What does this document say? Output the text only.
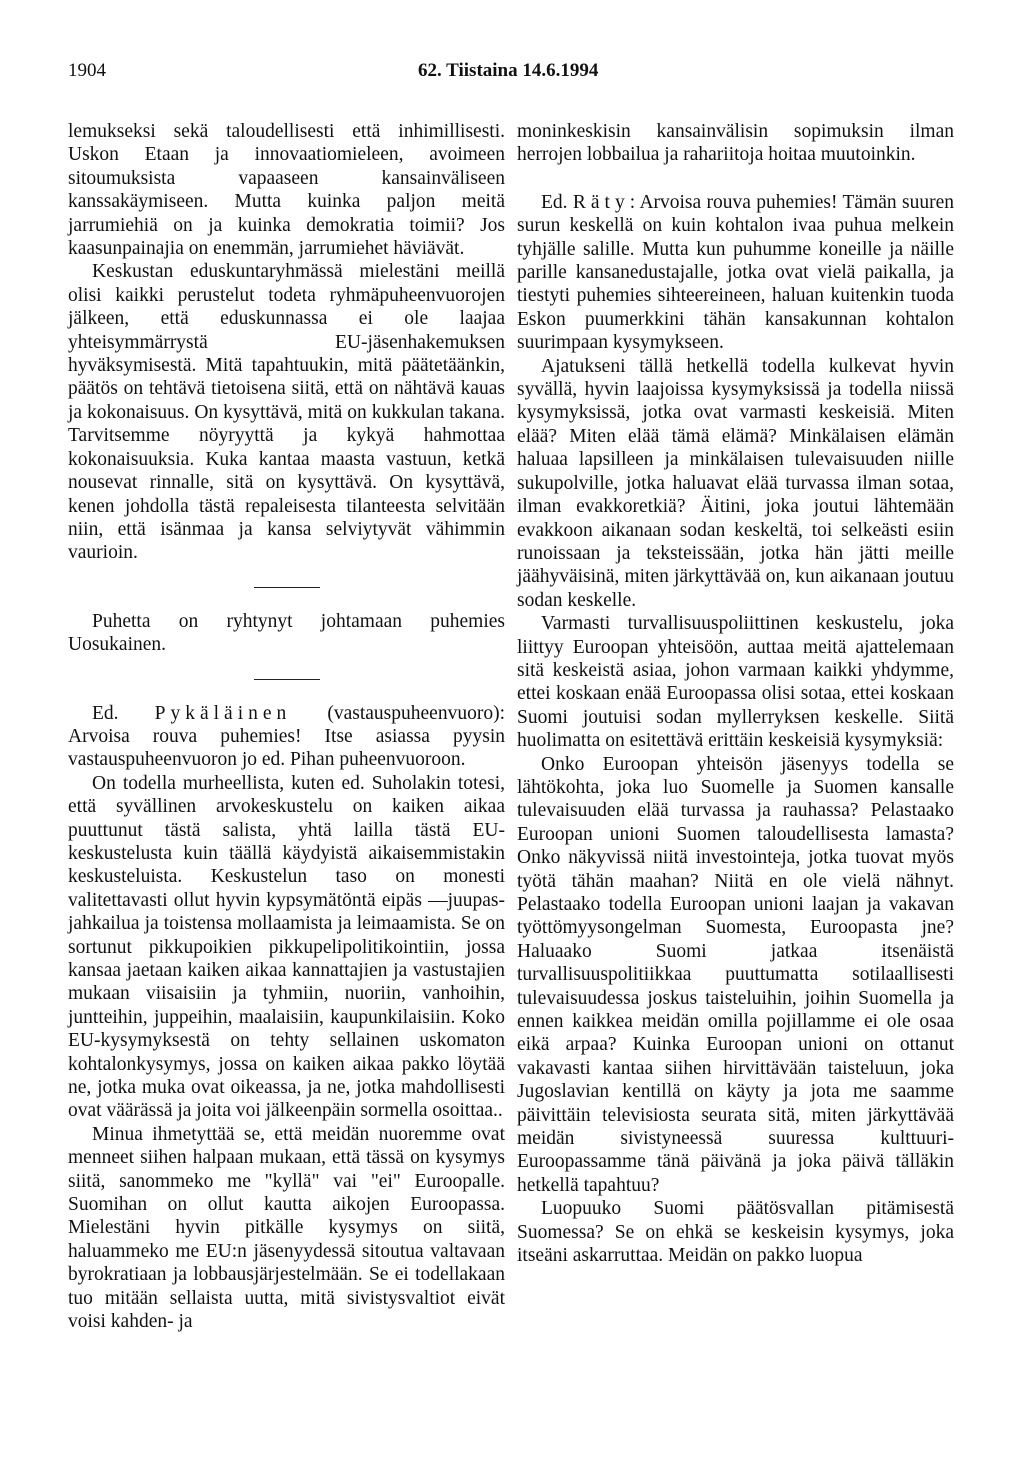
1904	62. Tiistaina 14.6.1994

lemukseksi sekä taloudellisesti että inhimillisesti. Uskon Etaan ja innovaatiomieleen, avoimeen sitoumuksista vapaaseen kansainväliseen kanssakäymiseen. Mutta kuinka paljon meitä jarrumiehiä on ja kuinka demokratia toimii? Jos kaasunpainajia on enemmän, jarrumiehet häviävät.

Keskustan eduskuntaryhmässä mielestäni meillä olisi kaikki perustelut todeta ryhmäpuheenvuorojen jälkeen, että eduskunnassa ei ole laajaa yhteisymmärrystä EU-jäsenhakemuksen hyväksymisestä. Mitä tapahtuukin, mitä päätetäänkin, päätös on tehtävä tietoisena siitä, että on nähtävä kauas ja kokonaisuus. On kysyttävä, mitä on kukkulan takana. Tarvitsemme nöyryyttä ja kykyä hahmottaa kokonaisuuksia. Kuka kantaa maasta vastuun, ketkä nousevat rinnalle, sitä on kysyttävä. On kysyttävä, kenen johdolla tästä repaleisesta tilanteesta selvitään niin, että isänmaa ja kansa selviytyvät vähimmin vaurioin.

Puhetta on ryhtynyt johtamaan puhemies Uosukainen.

Ed. Pykäläinen (vastauspuheenvuoro): Arvoisa rouva puhemies! Itse asiassa pyysin vastauspuheenvuoron jo ed. Pihan puheenvuoroon.

On todella murheellista, kuten ed. Suholakin totesi, että syvällinen arvokeskustelu on kaiken aikaa puuttunut tästä salista, yhtä lailla tästä EU-keskustelusta kuin täällä käydyistä aikaisemmistakin keskusteluista. Keskustelun taso on monesti valitettavasti ollut hyvin kypsymätöntä eipäs —juupas-jahkailua ja toistensa mollaamista ja leimaamista. Se on sortunut pikkupoikien pikkupelipolitikointiin, jossa kansaa jaetaan kaiken aikaa kannattajien ja vastustajien mukaan viisaisiin ja tyhmiin, nuoriin, vanhoihin, juntteihin, juppeihin, maalaisiin, kaupunkilaisiin. Koko EU-kysymyksestä on tehty sellainen uskomaton kohtalonkysymys, jossa on kaiken aikaa pakko löytää ne, jotka muka ovat oikeassa, ja ne, jotka mahdollisesti ovat väärässä ja joita voi jälkeenpäin sormella osoittaa..

Minua ihmetyttää se, että meidän nuoremme ovat menneet siihen halpaan mukaan, että tässä on kysymys siitä, sanommeko me "kyllä" vai "ei" Euroopalle. Suomihan on ollut kautta aikojen Euroopassa. Mielestäni hyvin pitkälle kysymys on siitä, haluammeko me EU:n jäsenyydessä sitoutua valtavaan byrokratiaan ja lobbausjärjestelmään. Se ei todellakaan tuo mitään sellaista uutta, mitä sivistysvaltiot eivät voisi kahden- ja

moninkeskisin kansainvälisin sopimuksin ilman herrojen lobbailua ja rahariitoja hoitaa muutoinkin.

Ed. Räty: Arvoisa rouva puhemies! Tämän suuren surun keskellä on kuin kohtalon ivaa puhua melkein tyhjälle salille. Mutta kun puhumme koneille ja näille parille kansanedustajalle, jotka ovat vielä paikalla, ja tiestyti puhemies sihteereineen, haluan kuitenkin tuoda Eskon puumerkkini tähän kansakunnan kohtalon suurimpaan kysymykseen.

Ajatukseni tällä hetkellä todella kulkevat hyvin syvällä, hyvin laajoissa kysymyksissä ja todella niissä kysymyksissä, jotka ovat varmasti keskeisiä. Miten elää? Miten elää tämä elämä? Minkälaisen elämän haluaa lapsilleen ja minkälaisen tulevaisuuden niille sukupolville, jotka haluavat elää turvassa ilman sotaa, ilman evakkoretkiä? Äitini, joka joutui lähtemään evakkoon aikanaan sodan keskeltä, toi selkeästi esiin runoissaan ja teksteissään, jotka hän jätti meille jäähyväisinä, miten järkyttävää on, kun aikanaan joutuu sodan keskelle.

Varmasti turvallisuuspoliittinen keskustelu, joka liittyy Euroopan yhteisöön, auttaa meitä ajattelemaan sitä keskeistä asiaa, johon varmaan kaikki yhdymme, ettei koskaan enää Euroopassa olisi sotaa, ettei koskaan Suomi joutuisi sodan myllerryksen keskelle. Siitä huolimatta on esitettävä erittäin keskeisiä kysymyksiä:

Onko Euroopan yhteisön jäsenyys todella se lähtökohta, joka luo Suomelle ja Suomen kansalle tulevaisuuden elää turvassa ja rauhassa? Pelastaako Euroopan unioni Suomen taloudellisesta lamasta? Onko näkyvissä niitä investointeja, jotka tuovat myös työtä tähän maahan? Niitä en ole vielä nähnyt. Pelastaako todella Euroopan unioni laajan ja vakavan työttömyysongelman Suomesta, Euroopasta jne? Haluaako Suomi jatkaa itsenäistä turvallisuuspolitiikkaa puuttumatta sotilaallisesti tulevaisuudessa joskus taisteluihin, joihin Suomella ja ennen kaikkea meidän omilla pojillamme ei ole osaa eikä arpaa? Kuinka Euroopan unioni on ottanut vakavasti kantaa siihen hirvittävään taisteluun, joka Jugoslavian kentillä on käyty ja jota me saamme päivittäin televisiosta seurata sitä, miten järkyttävää meidän sivistyneessä suuressa kulttuuri-Euroopassamme tänä päivänä ja joka päivä tälläkin hetkellä tapahtuu?

Luopuuko Suomi päätösvallan pitämisestä Suomessa? Se on ehkä se keskeisin kysymys, joka itseäni askarruttaa. Meidän on pakko luopua
